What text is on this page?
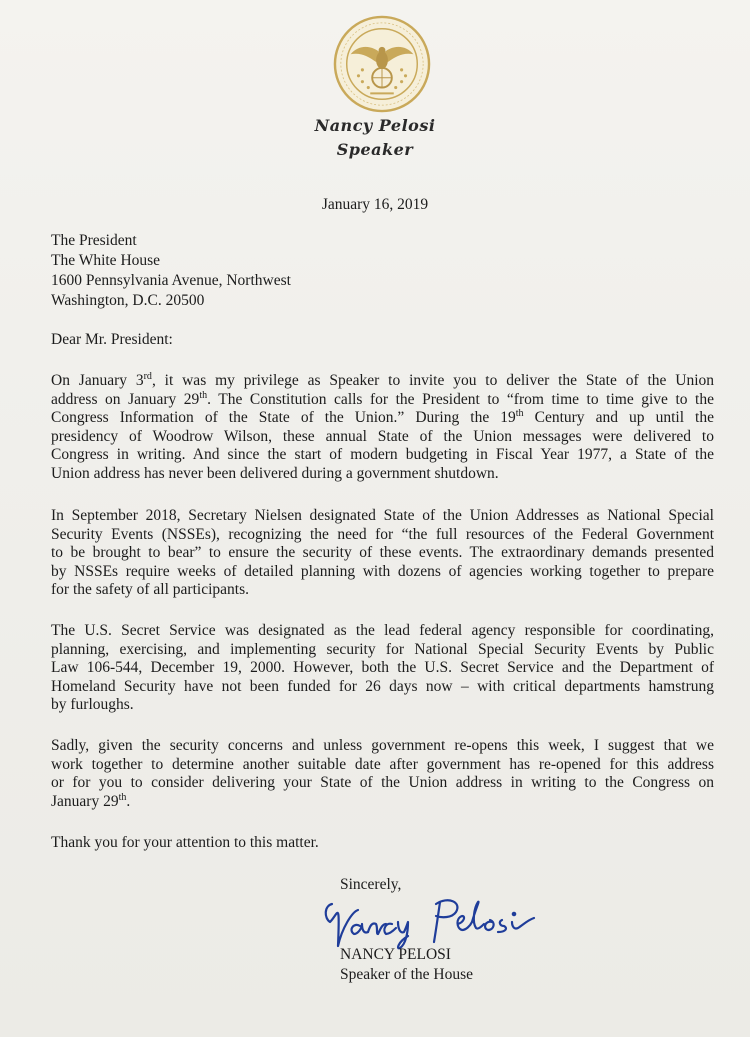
Nancy Pelosi
Speaker
January 16, 2019
The President
The White House
1600 Pennsylvania Avenue, Northwest
Washington, D.C. 20500
Dear Mr. President:
On January 3rd, it was my privilege as Speaker to invite you to deliver the State of the Union
address on January 29th. The Constitution calls for the President to “from time to time give to the
Congress Information of the State of the Union.” During the 19th Century and up until the
presidency of Woodrow Wilson, these annual State of the Union messages were delivered to
Congress in writing. And since the start of modern budgeting in Fiscal Year 1977, a State of the
Union address has never been delivered during a government shutdown.
In September 2018, Secretary Nielsen designated State of the Union Addresses as National Special
Security Events (NSSEs), recognizing the need for “the full resources of the Federal Government
to be brought to bear” to ensure the security of these events. The extraordinary demands presented
by NSSEs require weeks of detailed planning with dozens of agencies working together to prepare
for the safety of all participants.
The U.S. Secret Service was designated as the lead federal agency responsible for coordinating,
planning, exercising, and implementing security for National Special Security Events by Public
Law 106-544, December 19, 2000. However, both the U.S. Secret Service and the Department of
Homeland Security have not been funded for 26 days now – with critical departments hamstrung
by furloughs.
Sadly, given the security concerns and unless government re-opens this week, I suggest that we
work together to determine another suitable date after government has re-opened for this address
or for you to consider delivering your State of the Union address in writing to the Congress on
January 29th.
Thank you for your attention to this matter.
Sincerely,
NANCY PELOSI
Speaker of the House
